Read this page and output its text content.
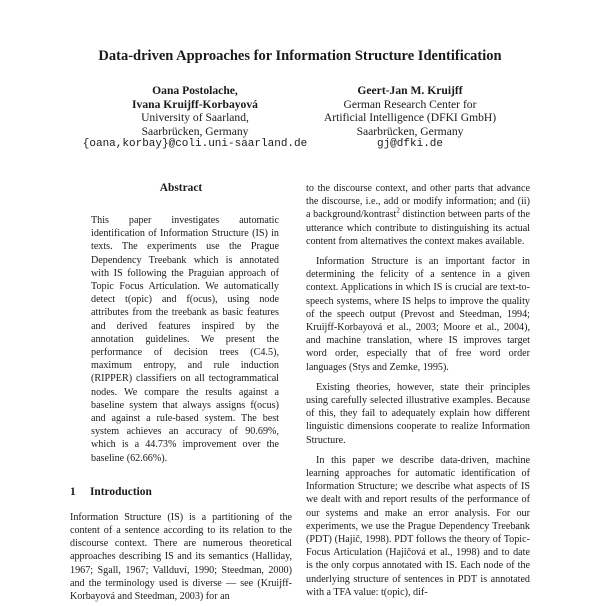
Data-driven Approaches for Information Structure Identification
Oana Postolache,
Ivana Kruijff-Korbayová
University of Saarland,
Saarbrücken, Germany
{oana,korbay}@coli.uni-saarland.de
Geert-Jan M. Kruijff
German Research Center for
Artificial Intelligence (DFKI GmbH)
Saarbrücken, Germany
gj@dfki.de
Abstract

This paper investigates automatic identification of Information Structure (IS) in texts. The experiments use the Prague Dependency Treebank which is annotated with IS following the Praguian approach of Topic Focus Articulation. We automatically detect t(opic) and f(ocus), using node attributes from the treebank as basic features and derived features inspired by the annotation guidelines. We present the performance of decision trees (C4.5), maximum entropy, and rule induction (RIPPER) classifiers on all tectogrammatical nodes. We compare the results against a baseline system that always assigns f(ocus) and against a rule-based system. The best system achieves an accuracy of 90.69%, which is a 44.73% improvement over the baseline (62.66%).

1 Introduction

Information Structure (IS) is a partitioning of the content of a sentence according to its relation to the discourse context. There are numerous theoretical approaches describing IS and its semantics (Halliday, 1967; Sgall, 1967; Vallduví, 1990; Steedman, 2000) and the terminology used is diverse — see (Kruijff-Korbayová and Steedman, 2003) for an

to the discourse context, and other parts that advance the discourse, i.e., add or modify information; and (ii) a background/kontrast$^2$ distinction between parts of the utterance which contribute to distinguishing its actual content from alternatives the context makes available.

Information Structure is an important factor in determining the felicity of a sentence in a given context. Applications in which IS is crucial are text-to-speech systems, where IS helps to improve the quality of the speech output (Prevost and Steedman, 1994; Kruijff-Korbayová et al., 2003; Moore et al., 2004), and machine translation, where IS improves target word order, especially that of free word order languages (Stys and Zemke, 1995).

Existing theories, however, state their principles using carefully selected illustrative examples. Because of this, they fail to adequately explain how different linguistic dimensions cooperate to realize Information Structure.

In this paper we describe data-driven, machine learning approaches for automatic identification of Information Structure; we describe what aspects of IS we dealt with and report results of the performance of our systems and make an error analysis. For our experiments, we use the Prague Dependency Treebank (PDT) (Hajič, 1998). PDT follows the theory of Topic-Focus Articulation (Hajičová et al., 1998) and to date is the only corpus annotated with IS. Each node of the underlying structure of sentences in PDT is annotated with a TFA value: t(opic), dif-
